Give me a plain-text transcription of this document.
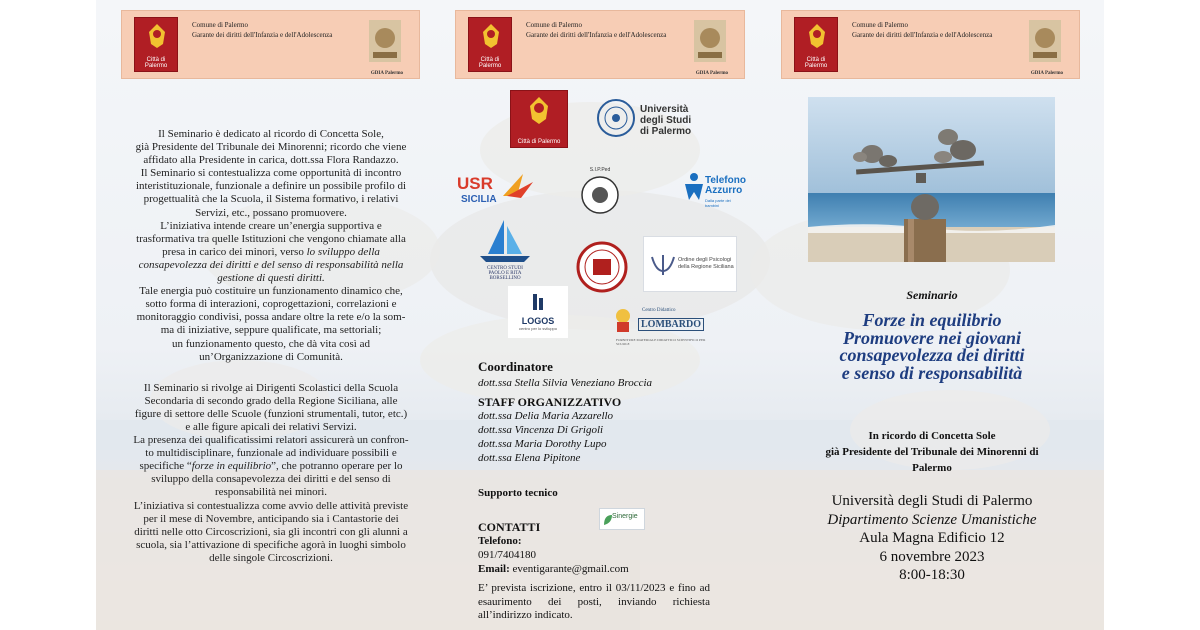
Città di Palermo
Comune di Palermo
Garante dei diritti dell'Infanzia e dell'Adolescenza
GDIA Palermo
Città di Palermo
Comune di Palermo
Garante dei diritti dell'Infanzia e dell'Adolescenza
GDIA Palermo
Città di Palermo
Comune di Palermo
Garante dei diritti dell'Infanzia e dell'Adolescenza
GDIA Palermo

Il Seminario è dedicato al ricordo di Concetta Sole,

già Presidente del Tribunale dei Minorenni; ricordo che viene

affidato alla Presidente in carica, dott.ssa Flora Randazzo.

Il Seminario si contestualizza come opportunità di incontro

interistituzionale, funzionale a definire un possibile profilo di

progettualità che la Scuola, il Sistema formativo, i relativi

Servizi, etc., possano promuovere.

L’iniziativa intende creare un’energia supportiva e

trasformativa tra quelle Istituzioni che vengono chiamate alla

presa in carico dei minori, verso lo sviluppo della

consapevolezza dei diritti e del senso di responsabilità nella

gestione di questi diritti.

Tale energia può costituire un funzionamento dinamico che,

sotto forma di interazioni, coprogettazioni, correlazioni e

monitoraggio condivisi, possa andare oltre la rete e/o la som-

ma di iniziative, seppure qualificate, ma settoriali;

un funzionamento questo, che dà vita così ad

un’Organizzazione di Comunità.

Il Seminario si rivolge ai Dirigenti Scolastici della Scuola

Secondaria di secondo grado della Regione Siciliana, alle

figure di settore delle Scuole (funzioni strumentali, tutor, etc.)

e alle figure apicali dei relativi Servizi.

La presenza dei qualificatissimi relatori assicurerà un confron-

to multidisciplinare, funzionale ad individuare possibili e

specifiche “forze in equilibrio”, che potranno operare per lo

sviluppo della consapevolezza dei diritti e del senso di

responsabilità nei minori.

L’iniziativa si contestualizza come avvio delle attività previste

per il mese di Novembre, anticipando sia i Cantastorie dei

diritti nelle otto Circoscrizioni, sia gli incontri con gli alunni a

scuola, sia l’attivazione di specifiche agorà in luoghi simbolo

delle singole Circoscrizioni.

Città di Palermo
Università
degli Studi
di Palermo
USR
SICILIA
S.I.P.Ped
Telefono
Azzurro
Dalla parte dei bambini
CENTRO STUDI
PAOLO E RITA BORSELLINO
Ordine degli Psicologi
della Regione Siciliana
LOGOS
centro per lo sviluppo
Centro Didattico
LOMBARDO
FORNITURE MATERIALE DIDATTICO SCIENTIFICO PER SCUOLE
Coordinatore
dott.ssa Stella Silvia Veneziano Broccia
STAFF ORGANIZZATIVO
dott.ssa Delia Maria Azzarello
dott.ssa Vincenza Di Grigoli
dott.ssa Maria Dorothy Lupo
dott.ssa Elena Pipitone
Supporto tecnico
Sinergie
CONTATTI
Telefono:
091/7404180
Email: eventigarante@gmail.com
E’ prevista iscrizione, entro il 03/11/2023 e fino ad esaurimento dei posti, inviando richiesta all’indirizzo indicato.
Seminario
Forze in equilibrio
Promuovere nei giovani
consapevolezza dei diritti
e senso di responsabilità
In ricordo di Concetta Sole
già Presidente del Tribunale dei Minorenni di
Palermo
Università degli Studi di Palermo
Dipartimento Scienze Umanistiche
Aula Magna Edificio 12
6 novembre 2023
8:00-18:30
